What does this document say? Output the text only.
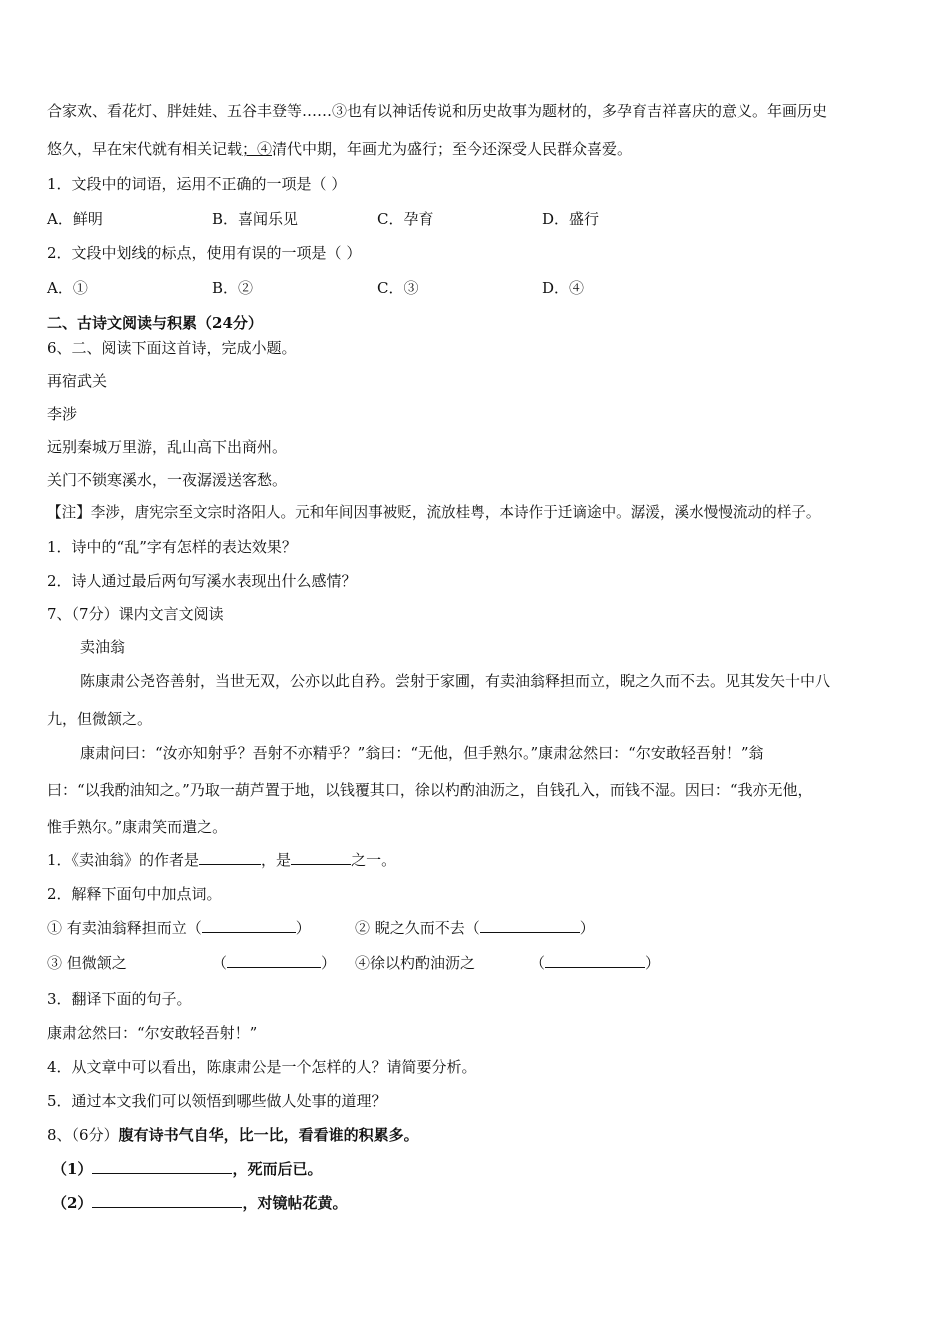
合家欢、看花灯、胖娃娃、五谷丰登等……③也有以神话传说和历史故事为题材的，多孕育吉祥喜庆的意义。年画历史
悠久，早在宋代就有相关记载；④清代中期，年画尤为盛行；至今还深受人民群众喜爱。
1．文段中的词语，运用不正确的一项是（ ）
A．鲜明	B．喜闻乐见	C．孕育	D．盛行
2．文段中划线的标点，使用有误的一项是（ ）
A．①	B．②	C．③	D．④
二、古诗文阅读与积累（24分）
6、二、阅读下面这首诗，完成小题。
再宿武关
李涉
远别秦城万里游，乱山高下出商州。
关门不锁寒溪水，一夜潺湲送客愁。
【注】李涉，唐宪宗至文宗时洛阳人。元和年间因事被贬，流放桂粤，本诗作于迁谪途中。潺湲，溪水慢慢流动的样子。
1．诗中的“乱”字有怎样的表达效果？
2．诗人通过最后两句写溪水表现出什么感情？
7、（7分）课内文言文阅读
卖油翁
陈康肃公尧咨善射，当世无双，公亦以此自矜。尝射于家圃，有卖油翁释担而立，睨之久而不去。见其发矢十中八
九，但微颔之。
康肃问曰：“汝亦知射乎？吾射不亦精乎？”翁曰：“无他，但手熟尔。”康肃忿然曰：“尔安敢轻吾射！”翁
曰：“以我酌油知之。”乃取一葫芦置于地，以钱覆其口，徐以杓酌油沥之，自钱孔入，而钱不湿。因曰：“我亦无他，
惟手熟尔。”康肃笑而遣之。
1．《卖油翁》的作者是	，是	之一。
2．解释下面句中加点词。
① 有卖油翁释担而立（	）	② 睨之久而不去（	）
③ 但微颔之	（	） ④徐以杓酌油沥之	（	）
3．翻译下面的句子。
康肃忿然曰：“尔安敢轻吾射！”
4．从文章中可以看出，陈康肃公是一个怎样的人？请简要分析。
5．通过本文我们可以领悟到哪些做人处事的道理？
8、（6分）腹有诗书气自华，比一比，看看谁的积累多。
（1）	，死而后已。
（2）	，对镜帖花黄。
